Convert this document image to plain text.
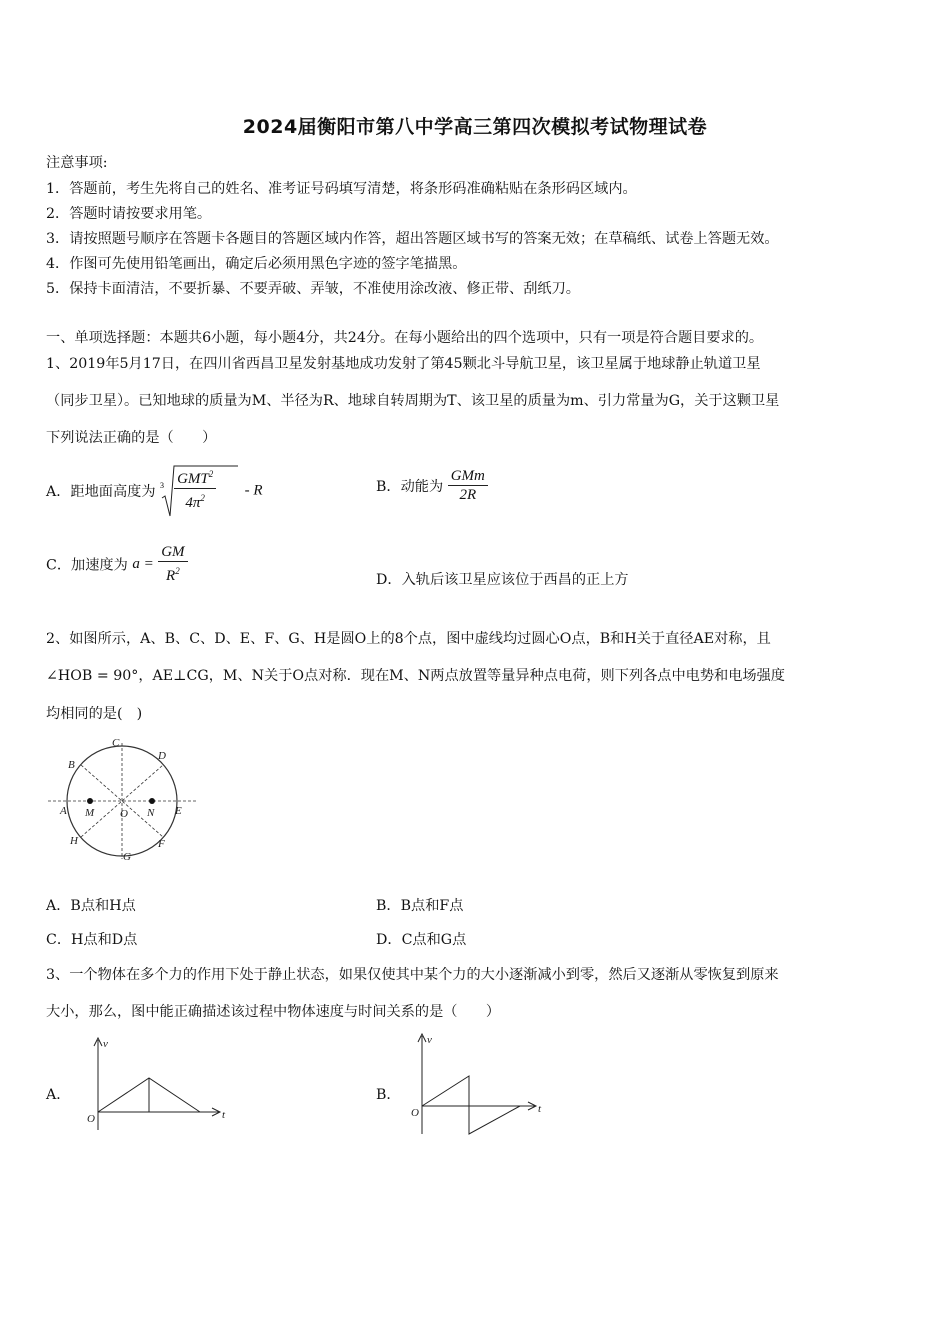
2024届衡阳市第八中学高三第四次模拟考试物理试卷
注意事项:
1．答题前，考生先将自己的姓名、准考证号码填写清楚，将条形码准确粘贴在条形码区域内。
2．答题时请按要求用笔。
3．请按照题号顺序在答题卡各题目的答题区域内作答，超出答题区域书写的答案无效；在草稿纸、试卷上答题无效。
4．作图可先使用铅笔画出，确定后必须用黑色字迹的签字笔描黑。
5．保持卡面清洁，不要折暴、不要弄破、弄皱，不准使用涂改液、修正带、刮纸刀。
一、单项选择题：本题共6小题，每小题4分，共24分。在每小题给出的四个选项中，只有一项是符合题目要求的。
1、2019年5月17日，在四川省西昌卫星发射基地成功发射了第45颗北斗导航卫星，该卫星属于地球静止轨道卫星
（同步卫星）。已知地球的质量为M、半径为R、地球自转周期为T、该卫星的质量为m、引力常量为G，关于这颗卫星
下列说法正确的是（　　）
A．距地面高度为 3 GMT$^2$
$4\pi^2$	- R	B．动能为 $\frac{\text{GMm}}{2R}$
C．加速度为 $a = \frac{GM}{R^2}$	D．入轨后该卫星应该位于西昌的正上方
2、如图所示，A、B、C、D、E、F、G、H是圆O上的8个点，图中虚线均过圆心O点，B和H关于直径AE对称，且
∠HOB = 90°，AE⊥CG，M、N关于O点对称．现在M、N两点放置等量异种点电荷，则下列各点中电势和电场强度
均相同的是(　)
C
D
B
A M O N E
H
G
F
A．B点和H点	B．B点和F点
C．H点和D点	D．C点和G点
3、一个物体在多个力的作用下处于静止状态，如果仅使其中某个力的大小逐渐减小到零，然后又逐渐从零恢复到原来
大小，那么，图中能正确描述该过程中物体速度与时间关系的是（　　）
A．
v
t
O
B．
v
t
O
